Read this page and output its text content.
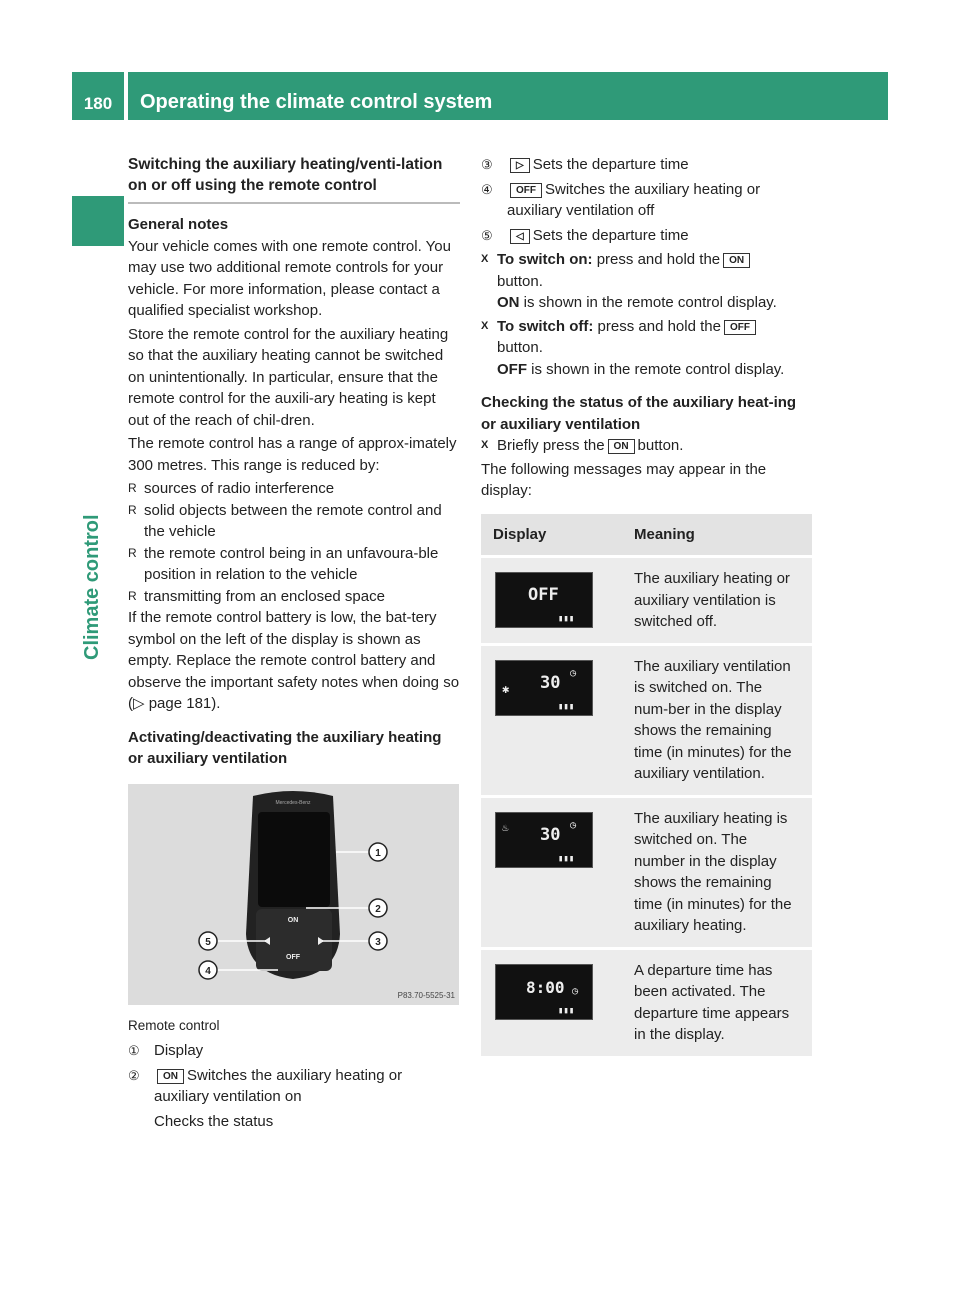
180	Operating the climate control system
Climate control
Switching the auxiliary heating/venti-lation on or off using the remote control
General notes

Your vehicle comes with one remote control. You may use two additional remote controls for your vehicle. For more information, please contact a qualified specialist workshop.

Store the remote control for the auxiliary heating so that the auxiliary heating cannot be switched on unintentionally. In particular, ensure that the remote control for the auxili-ary heating is kept out of the reach of chil-dren.

The remote control has a range of approx-imately 300 metres. This range is reduced by:

R sources of radio interference
R solid objects between the remote control and the vehicle
R the remote control being in an unfavoura-ble position in relation to the vehicle
R transmitting from an enclosed space

If the remote control battery is low, the bat-tery symbol on the left of the display is shown as empty. Replace the remote control battery and observe the important safety notes when doing so (▷ page 181).

Activating/deactivating the auxiliary heating or auxiliary ventilation
Mercedes-Benz
ON
OFF
1
2
3
4
5
P83.70-5525-31
Remote control
① Display
②	ON Switches the auxiliary heating or auxiliary ventilation on
Checks the status
③	▷ Sets the departure time
④	OFF Switches the auxiliary heating or auxiliary ventilation off
⑤	◁ Sets the departure time
X To switch on: press and hold the ON
button.
ON is shown in the remote control display.
X To switch off: press and hold the OFF
button.
OFF is shown in the remote control display.
Checking the status of the auxiliary heat-ing or auxiliary ventilation
X Briefly press the ON button.

The following messages may appear in the display:

Display	Meaning

OFF
▮▮▮	The auxiliary heating or auxiliary ventilation is switched off.

✱ 30 ◷
▮▮▮	The auxiliary ventilation is switched on. The num-ber in the display shows the remaining time (in minutes) for the auxiliary ventilation.

♨ 30 ◷
▮▮▮	The auxiliary heating is switched on. The number in the display shows the remaining time (in minutes) for the auxiliary heating.

8:00 ◷
▮▮▮	A departure time has been activated. The departure time appears in the display.
